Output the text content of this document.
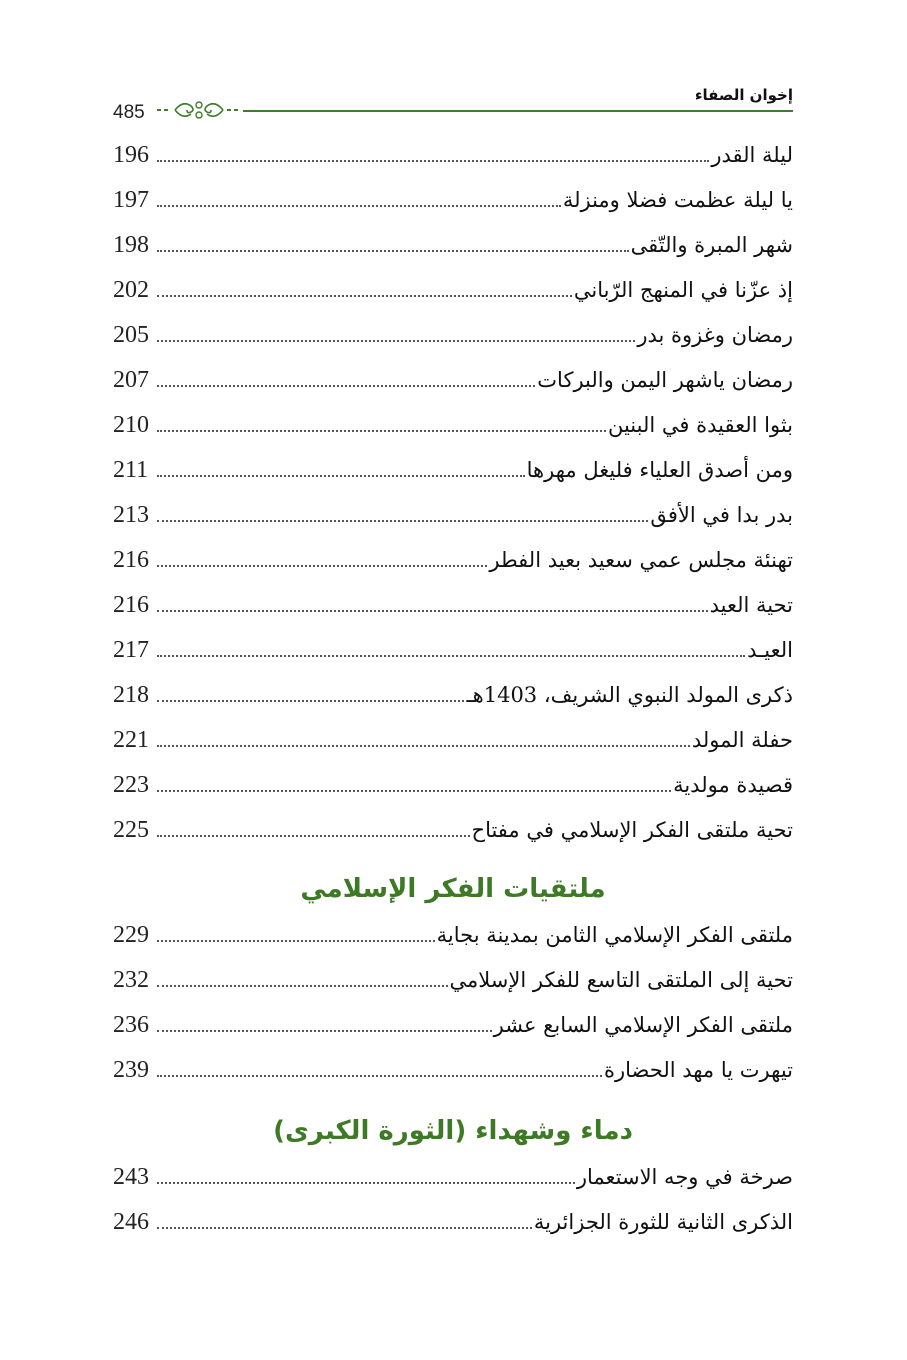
485
إخوان الصفاء
196	ليلة القدر
197	يا ليلة عظمت فضلا ومنزلة
198	شهر المبرة والتّقى
202	إذ عزّنا في المنهج الرّباني
205	رمضان وغزوة بدر
207	رمضان ياشهر اليمن والبركات
210	بثوا العقيدة في البنين
211	ومن أصدق العلياء فليغل مهرها
213	بدر بدا في الأفق
216	تهنئة مجلس عمي سعيد بعيد الفطر
216	تحية العيد
217	العيـد
218	ذكرى المولد النبوي الشريف، 1403هـ
221	حفلة المولد
223	قصيدة مولدية
225	تحية ملتقى الفكر الإسلامي في مفتاح
ملتقيات الفكر الإسلامي
229	ملتقى الفكر الإسلامي الثامن بمدينة بجاية
232	تحية إلى الملتقى التاسع للفكر الإسلامي
236	ملتقى الفكر الإسلامي السابع عشر
239	تيهرت يا مهد الحضارة
دماء وشهداء (الثورة الكبرى)
243	صرخة في وجه الاستعمار
246	الذكرى الثانية للثورة الجزائرية
